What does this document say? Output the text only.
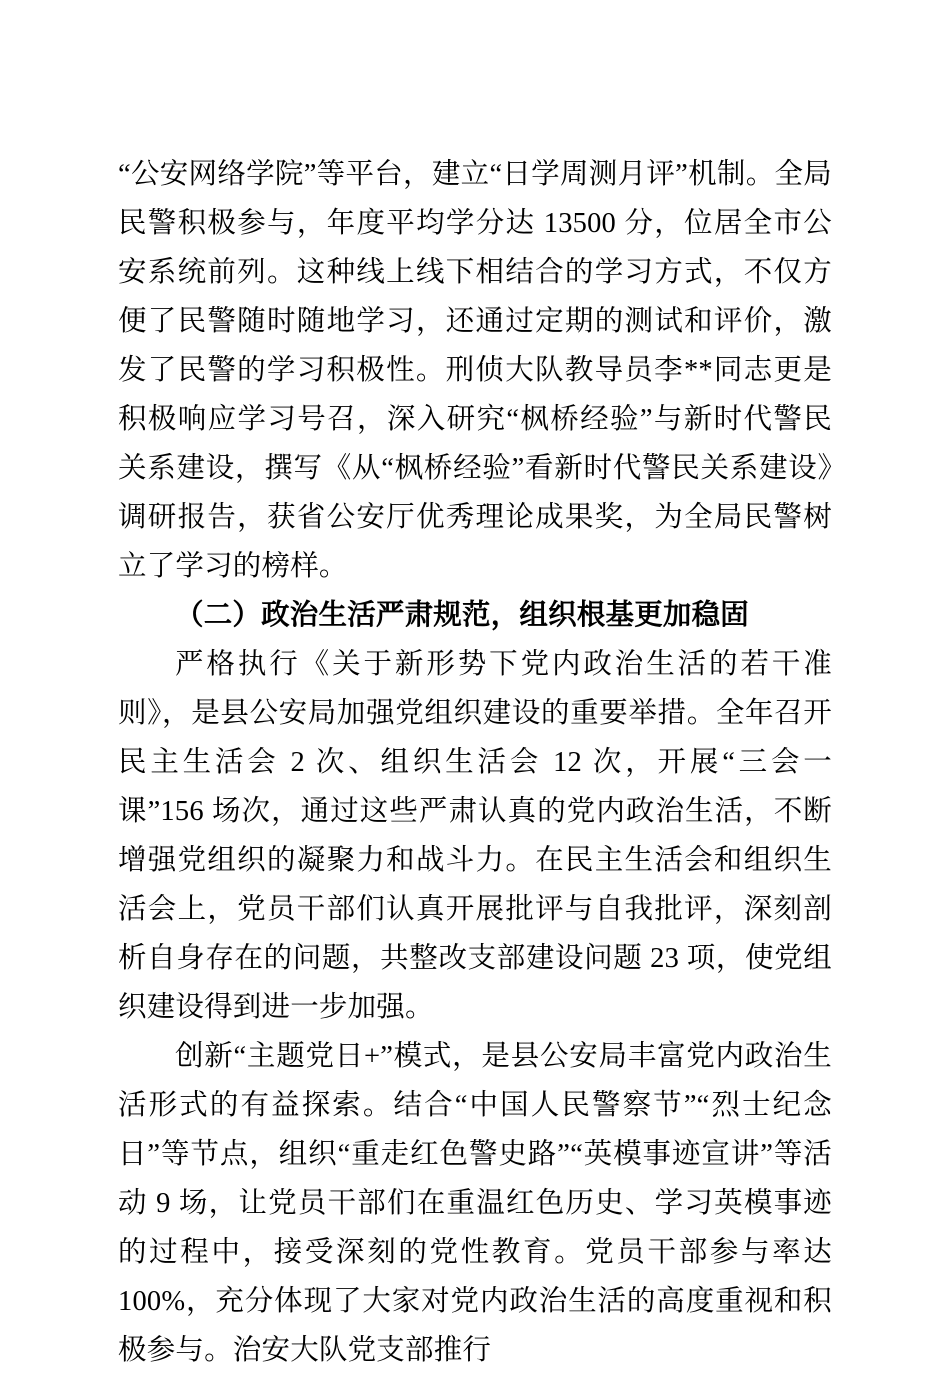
“公安网络学院”等平台，建立“日学周测月评”机制。全局民警积极参与，年度平均学分达 13500 分，位居全市公安系统前列。这种线上线下相结合的学习方式，不仅方便了民警随时随地学习，还通过定期的测试和评价，激发了民警的学习积极性。刑侦大队教导员李**同志更是积极响应学习号召，深入研究“枫桥经验”与新时代警民关系建设，撰写《从“枫桥经验”看新时代警民关系建设》调研报告，获省公安厅优秀理论成果奖，为全局民警树立了学习的榜样。

（二）政治生活严肃规范，组织根基更加稳固

严格执行《关于新形势下党内政治生活的若干准则》，是县公安局加强党组织建设的重要举措。全年召开民主生活会 2 次、组织生活会 12 次，开展“三会一课”156 场次，通过这些严肃认真的党内政治生活，不断增强党组织的凝聚力和战斗力。在民主生活会和组织生活会上，党员干部们认真开展批评与自我批评，深刻剖析自身存在的问题，共整改支部建设问题 23 项，使党组织建设得到进一步加强。

创新“主题党日+”模式，是县公安局丰富党内政治生活形式的有益探索。结合“中国人民警察节”“烈士纪念日”等节点，组织“重走红色警史路”“英模事迹宣讲”等活动 9 场，让党员干部们在重温红色历史、学习英模事迹的过程中，接受深刻的党性教育。党员干部参与率达 100%，充分体现了大家对党内政治生活的高度重视和积极参与。治安大队党支部推行
